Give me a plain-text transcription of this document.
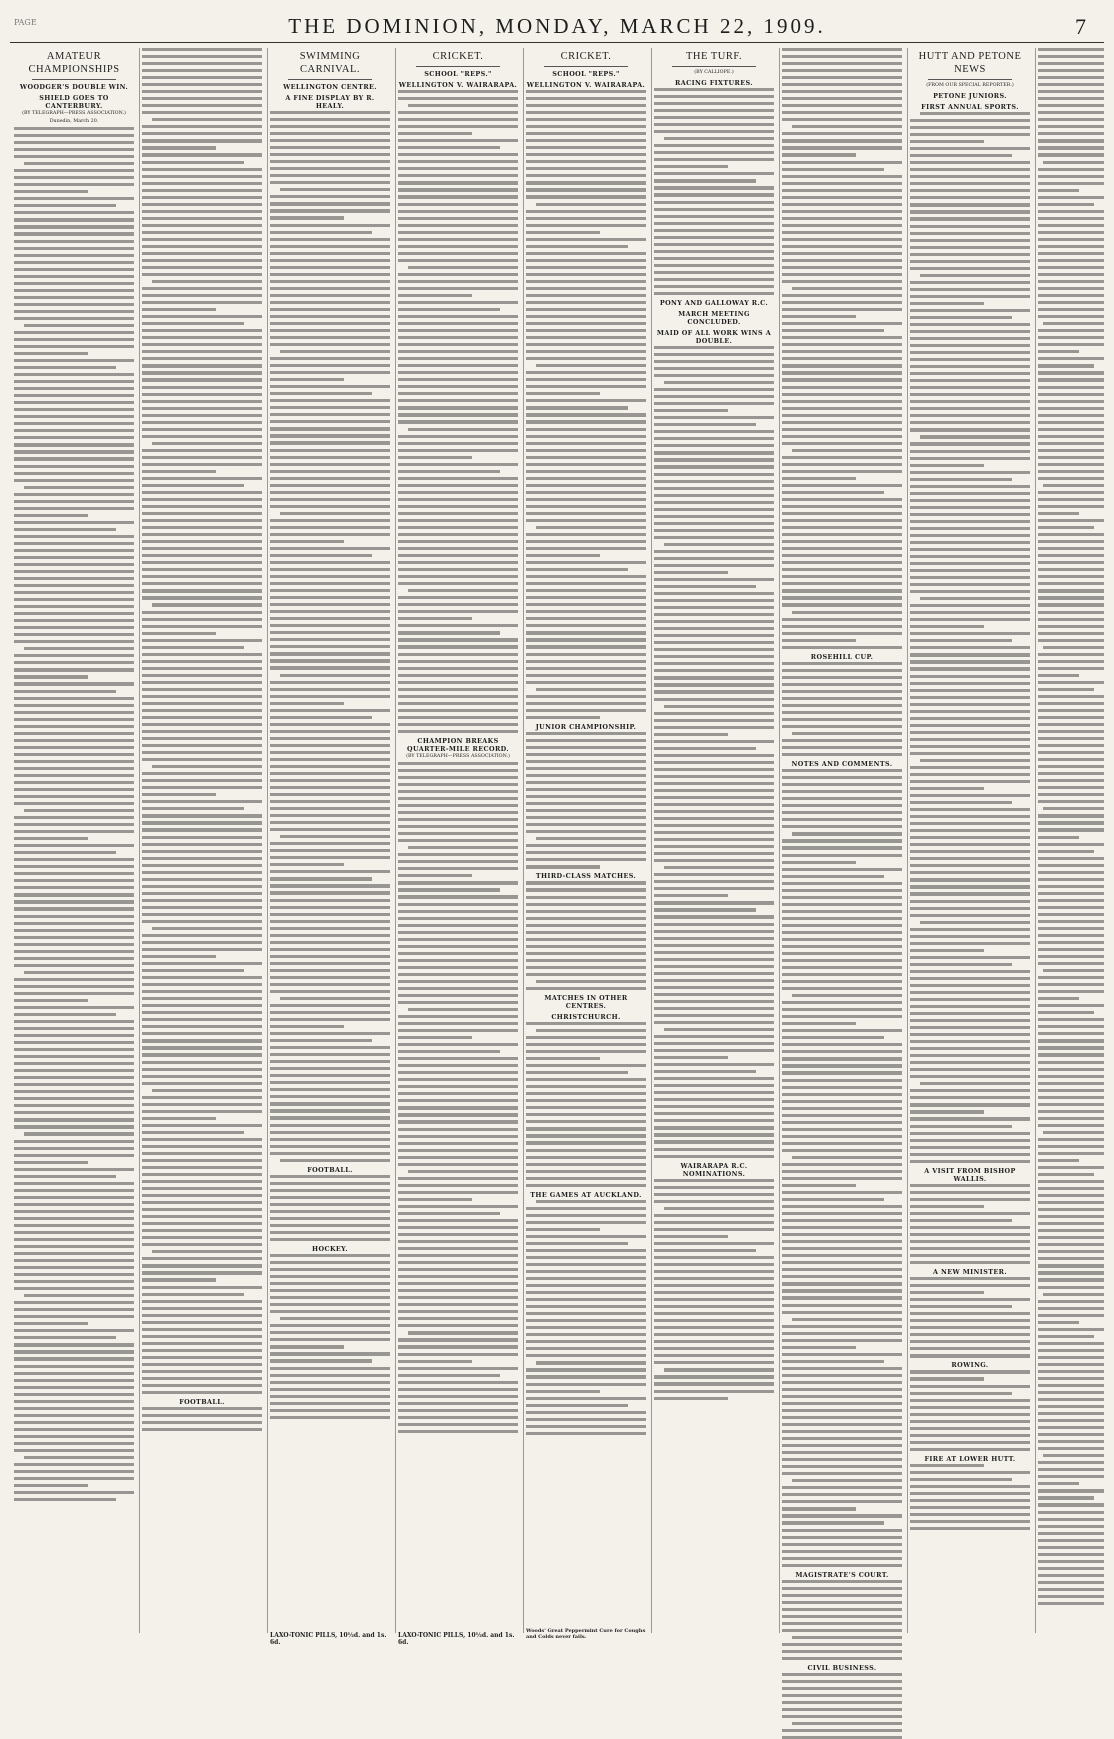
PAGE	THE DOMINION, MONDAY, MARCH 22, 1909.	7
AMATEUR CHAMPIONSHIPS
WOODGER'S DOUBLE WIN.
SHIELD GOES TO CANTERBURY.
(BY TELEGRAPH—PRESS ASSOCIATION.)
Dunedin, March 20.
FOOTBALL.
SWIMMING CARNIVAL.
WELLINGTON CENTRE.
A FINE DISPLAY BY R. HEALY.
FOOTBALL.
HOCKEY.
CRICKET.
SCHOOL "REPS."
WELLINGTON V. WAIRARAPA.
CHAMPION BREAKS QUARTER-MILE RECORD.
(BY TELEGRAPH—PRESS ASSOCIATION.)
CRICKET.
SCHOOL "REPS."
WELLINGTON V. WAIRARAPA.
JUNIOR CHAMPIONSHIP.
THIRD-CLASS MATCHES.
MATCHES IN OTHER CENTRES.
CHRISTCHURCH.
THE GAMES AT AUCKLAND.
THE TURF.
(BY CALLIOPE.)
RACING FIXTURES.
PONY AND GALLOWAY R.C.
MARCH MEETING CONCLUDED.
MAID OF ALL WORK WINS A DOUBLE.
WAIRARAPA R.C. NOMINATIONS.
ROSEHILL CUP.
NOTES AND COMMENTS.
MAGISTRATE'S COURT.
CIVIL BUSINESS.
HUTT AND PETONE NEWS
(FROM OUR SPECIAL REPORTER.)
PETONE JUNIORS.
FIRST ANNUAL SPORTS.
A VISIT FROM BISHOP WALLIS.
A NEW MINISTER.
ROWING.
FIRE AT LOWER HUTT.
LAXO-TONIC PILLS, 10½d. and 1s. 6d.
LAXO-TONIC PILLS, 10½d. and 1s. 6d.
Woods' Great Peppermint Cure for Coughs and Colds never fails.
